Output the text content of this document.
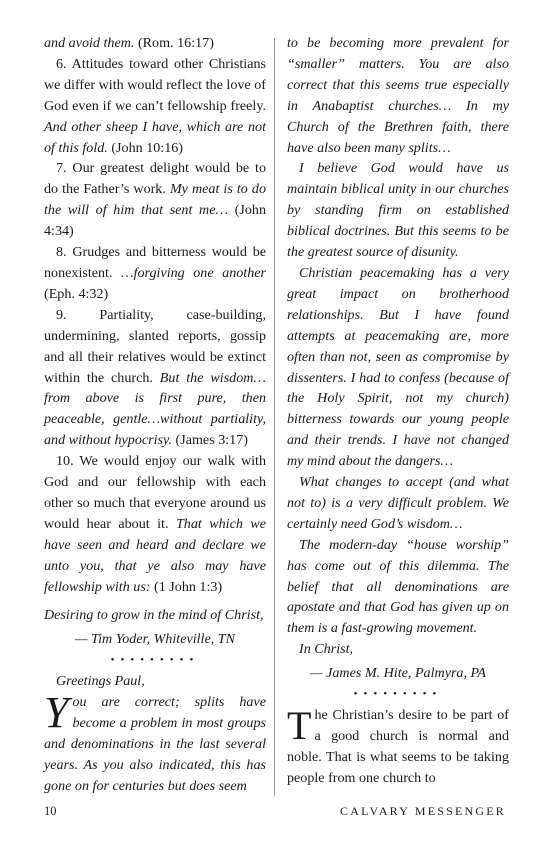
and avoid them. (Rom. 16:17)

6. Attitudes toward other Christians we differ with would reflect the love of God even if we can’t fellowship freely. And other sheep I have, which are not of this fold. (John 10:16)

7. Our greatest delight would be to do the Father’s work. My meat is to do the will of him that sent me… (John 4:34)

8. Grudges and bitterness would be nonexistent. …forgiving one another (Eph. 4:32)

9. Partiality, case-building, undermining, slanted reports, gossip and all their relatives would be extinct within the church. But the wisdom…from above is first pure, then peaceable, gentle…without partiality, and without hypocrisy. (James 3:17)

10. We would enjoy our walk with God and our fellowship with each other so much that everyone around us would hear about it. That which we have seen and heard and declare we unto you, that ye also may have fellowship with us: (1 John 1:3)

Desiring to grow in the mind of Christ,

— Tim Yoder, Whiteville, TN

•••••••••

Greetings Paul,

You are correct; splits have become a problem in most groups and denominations in the last several years. As you also indicated, this has gone on for centuries but does seem

to be becoming more prevalent for “smaller” matters. You are also correct that this seems true especially in Anabaptist churches… In my Church of the Brethren faith, there have also been many splits…

I believe God would have us maintain biblical unity in our churches by standing firm on established biblical doctrines. But this seems to be the greatest source of disunity.

Christian peacemaking has a very great impact on brotherhood relationships. But I have found attempts at peacemaking are, more often than not, seen as compromise by dissenters. I had to confess (because of the Holy Spirit, not my church) bitterness towards our young people and their trends. I have not changed my mind about the dangers…

What changes to accept (and what not to) is a very difficult problem. We certainly need God’s wisdom…

The modern-day “house worship” has come out of this dilemma. The belief that all denominations are apostate and that God has given up on them is a fast-growing movement.

In Christ,

— James M. Hite, Palmyra, PA

•••••••••

The Christian’s desire to be part of a good church is normal and noble. That is what seems to be taking people from one church to

10	CALVARY MESSENGER
